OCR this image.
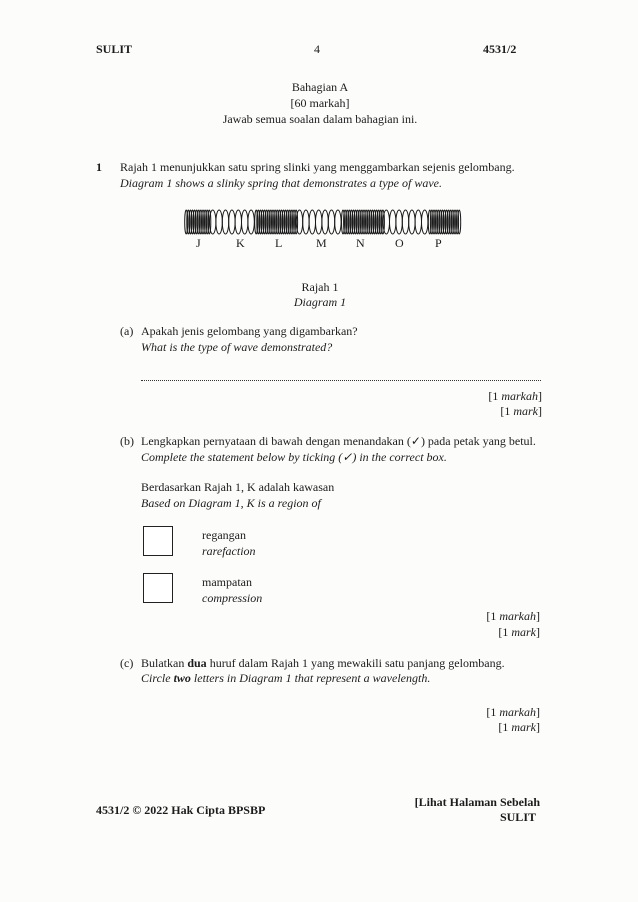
SULIT	4	4531/2
Bahagian A
[60 markah]
Jawab semua soalan dalam bahagian ini.
1 Rajah 1 menunjukkan satu spring slinki yang menggambarkan sejenis gelombang.
Diagram 1 shows a slinky spring that demonstrates a type of wave.
J	K	L	M N	O	P
Rajah 1
Diagram 1
(a) Apakah jenis gelombang yang digambarkan?
What is the type of wave demonstrated?
[1 markah]
[1 mark]
(b) Lengkapkan pernyataan di bawah dengan menandakan (✓) pada petak yang betul.
Complete the statement below by ticking (✓) in the correct box.
Berdasarkan Rajah 1, K adalah kawasan
Based on Diagram 1, K is a region of
regangan
rarefaction
mampatan
compression
[1 markah]
[1 mark]
(c) Bulatkan dua huruf dalam Rajah 1 yang mewakili satu panjang gelombang.
Circle two letters in Diagram 1 that represent a wavelength.
[1 markah]
[1 mark]
4531/2 © 2022 Hak Cipta BPSBP
[Lihat Halaman Sebelah
SULIT
